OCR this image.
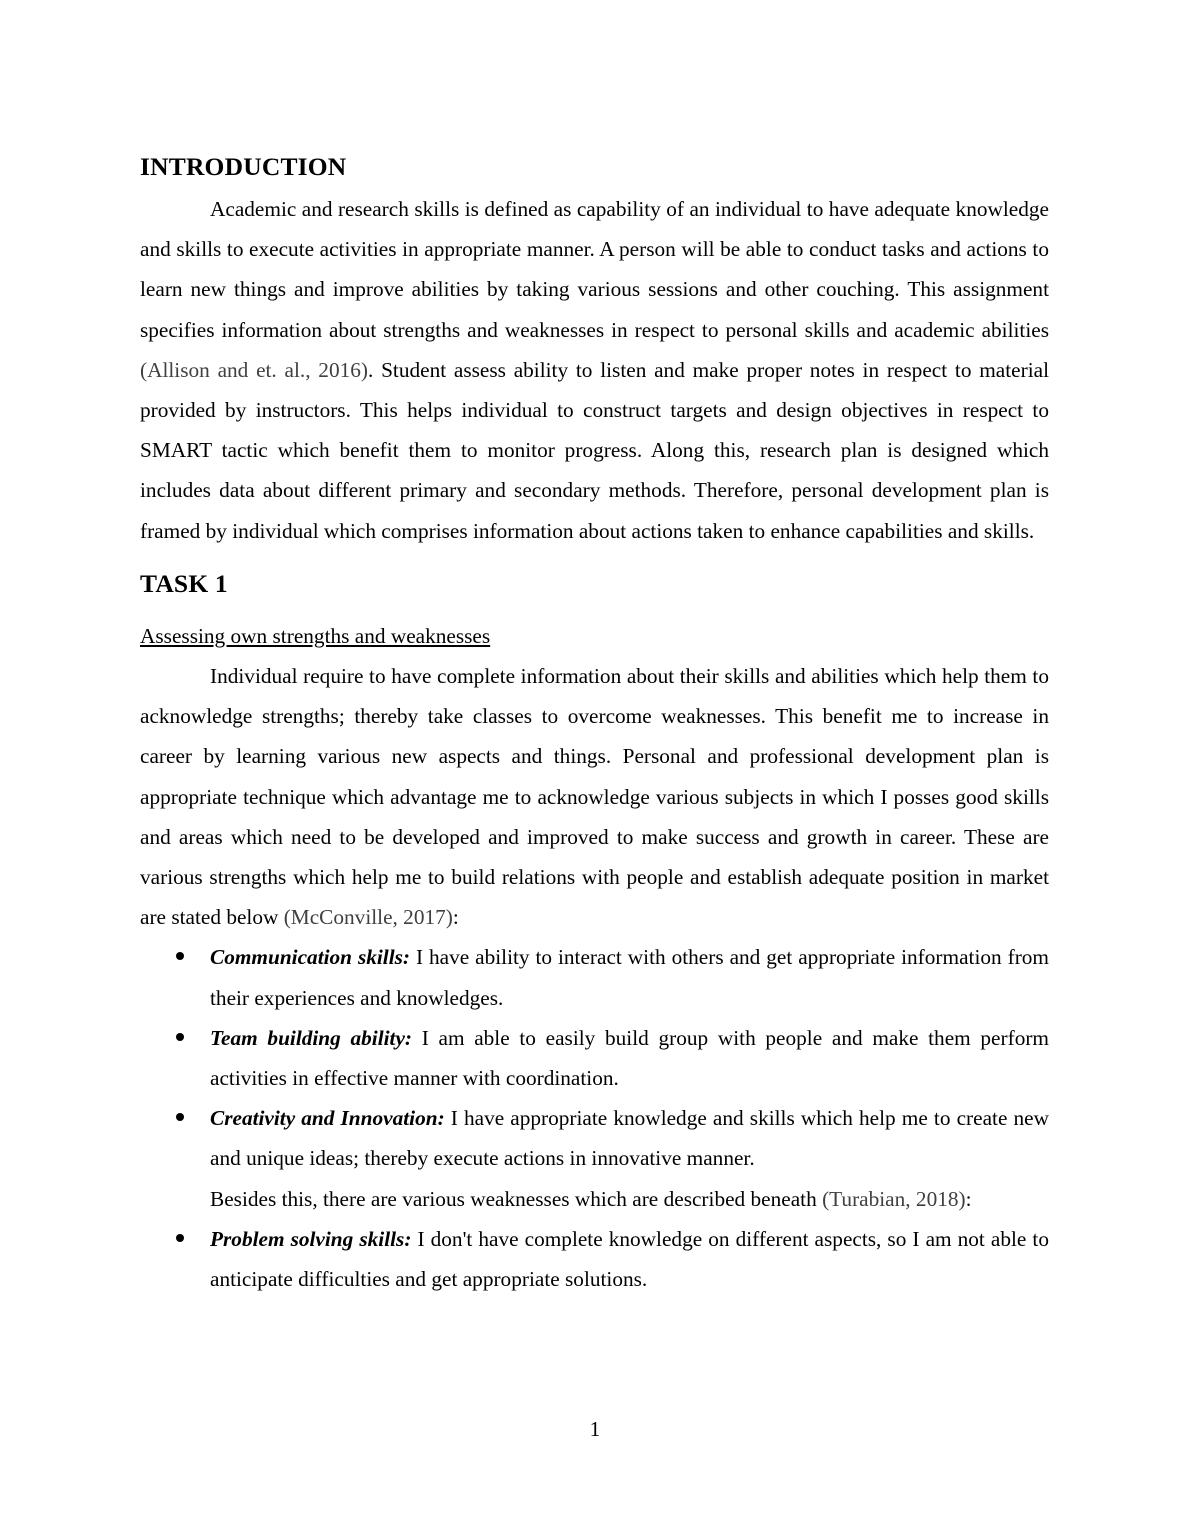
INTRODUCTION

Academic and research skills is defined as capability of an individual to have adequate knowledge and skills to execute activities in appropriate manner. A person will be able to conduct tasks and actions to learn new things and improve abilities by taking various sessions and other couching. This assignment specifies information about strengths and weaknesses in respect to personal skills and academic abilities (Allison and et. al., 2016). Student assess ability to listen and make proper notes in respect to material provided by instructors. This helps individual to construct targets and design objectives in respect to SMART tactic which benefit them to monitor progress. Along this, research plan is designed which includes data about different primary and secondary methods. Therefore, personal development plan is framed by individual which comprises information about actions taken to enhance capabilities and skills.

TASK 1

Assessing own strengths and weaknesses

Individual require to have complete information about their skills and abilities which help them to acknowledge strengths; thereby take classes to overcome weaknesses. This benefit me to increase in career by learning various new aspects and things. Personal and professional development plan is appropriate technique which advantage me to acknowledge various subjects in which I posses good skills and areas which need to be developed and improved to make success and growth in career. These are various strengths which help me to build relations with people and establish adequate position in market are stated below (McConville, 2017):

Communication skills: I have ability to interact with others and get appropriate information from their experiences and knowledges.
Team building ability: I am able to easily build group with people and make them perform activities in effective manner with coordination.
Creativity and Innovation: I have appropriate knowledge and skills which help me to create new and unique ideas; thereby execute actions in innovative manner.

Besides this, there are various weaknesses which are described beneath (Turabian, 2018):

Problem solving skills: I don't have complete knowledge on different aspects, so I am not able to anticipate difficulties and get appropriate solutions.
1
